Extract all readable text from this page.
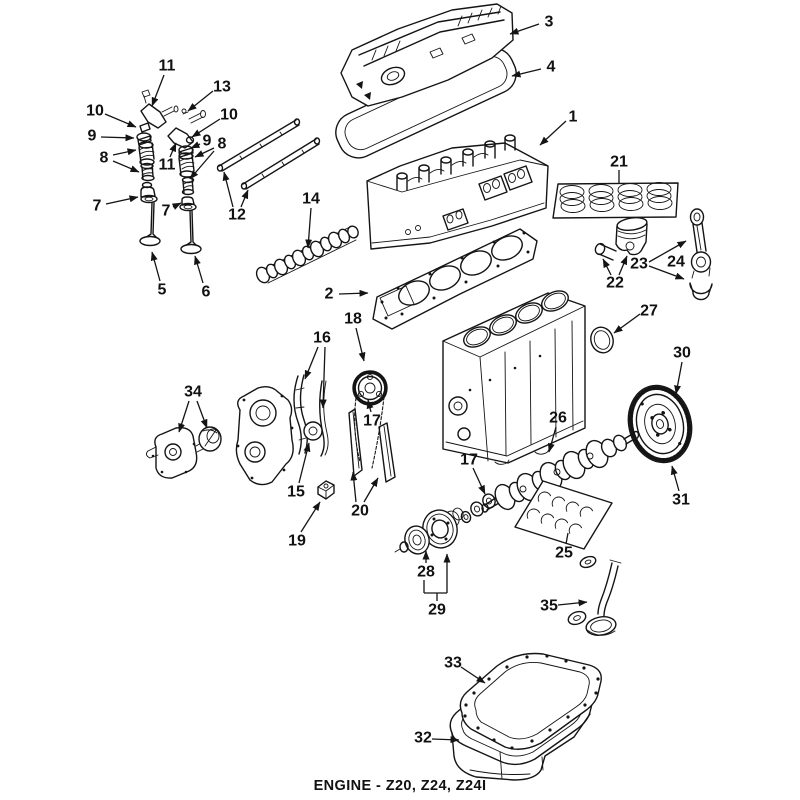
1
2
3
4
5 6
7	7
8
8
9	9
10	10
11
11
12
13
14
15
16
17
17
18
19
20
21
22
23 24
25
26
27
28
29
30
31
32
33
34
35
ENGINE - Z20, Z24, Z24I
